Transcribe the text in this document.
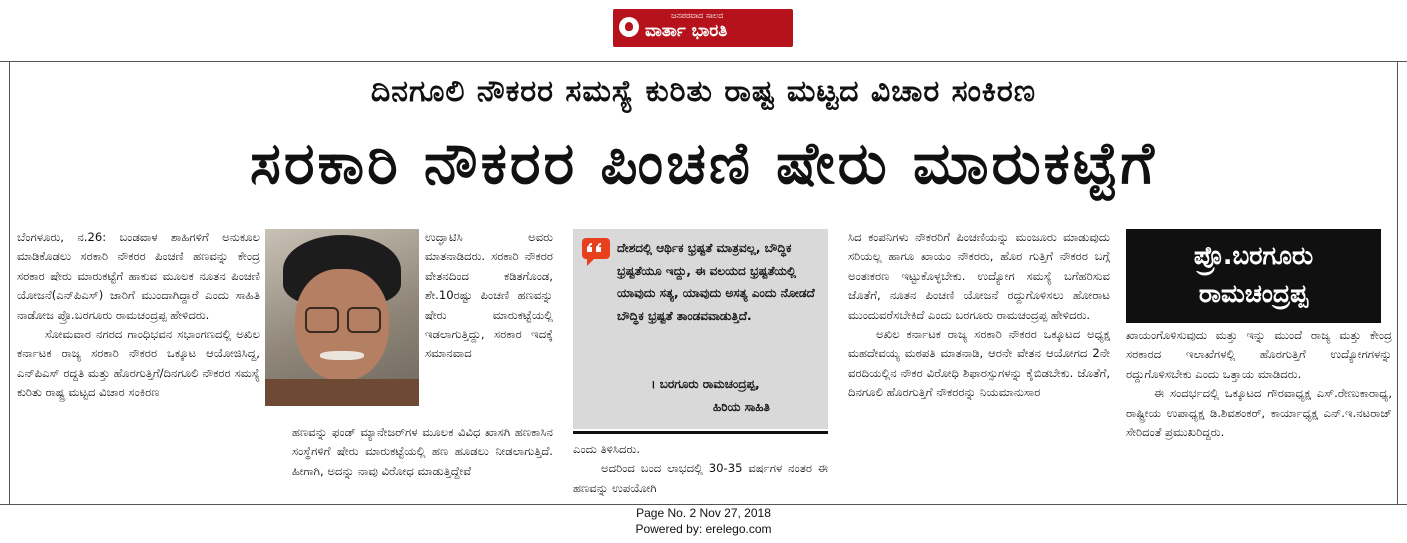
ಜನಪರವಾದ ಸಾಲದ
ವಾರ್ತಾ ಭಾರತಿ
ದಿನಗೂಲಿ ನೌಕರರ ಸಮಸ್ಯೆ ಕುರಿತು ರಾಷ್ಟ ಮಟ್ಟದ ವಿಚಾರ ಸಂಕಿರಣ
ಸರಕಾರಿ ನೌಕರರ ಪಿಂಚಣಿ ಷೇರು ಮಾರುಕಟ್ಟೆಗೆ

ಬೆಂಗಳೂರು, ನ.26: ಬಂಡವಾಳ ಶಾಹಿಗಳಿಗೆ ಅನುಕೂಲ ಮಾಡಿಕೊಡಲು ಸರಕಾರಿ ನೌಕರರ ಪಿಂಚಣಿ ಹಣವನ್ನು ಕೇಂದ್ರ ಸರಕಾರ ಷೇರು ಮಾರುಕಟ್ಟೆಗೆ ಹಾಕುವ ಮೂಲಕ ನೂತನ ಪಿಂಚಣಿ ಯೋಜನೆ(ಎನ್‌ಪಿಎಸ್) ಜಾರಿಗೆ ಮುಂದಾಗಿದ್ದಾರೆ ಎಂದು ಸಾಹಿತಿ ನಾಡೋಜ ಪ್ರೊ.ಬರಗೂರು ರಾಮಚಂದ್ರಪ್ಪ ಹೇಳಿದರು.

ಸೋಮವಾರ ನಗರದ ಗಾಂಧಿಭವನ ಸಭಾಂಗಣದಲ್ಲಿ ಅಖಿಲ ಕರ್ನಾಟಕ ರಾಜ್ಯ ಸರಕಾರಿ ನೌಕರರ ಒಕ್ಕೂಟ ಆಯೋಜಿಸಿದ್ದ, ಎನ್‌ಪಿಎಸ್ ರದ್ದತಿ ಮತ್ತು ಹೊರಗುತ್ತಿಗೆ/ದಿನಗೂಲಿ ನೌಕರರ ಸಮಸ್ಯೆ ಕುರಿತು ರಾಷ್ಟ್ರ ಮಟ್ಟದ ವಿಚಾರ ಸಂಕಿರಣ

ಉದ್ಘಾಟಿಸಿ ಅವರು ಮಾತನಾಡಿದರು. ಸರಕಾರಿ ನೌಕರರ ವೇತನದಿಂದ ಕಡಿತಗೊಂಡ, ಶೇ.10ರಷ್ಟು ಪಿಂಚಣಿ ಹಣವನ್ನು ಷೇರು ಮಾರುಕಟ್ಟೆಯಲ್ಲಿ ಇಡಲಾಗುತ್ತಿದ್ದು, ಸರಕಾರ ಇದಕ್ಕೆ ಸಮಾನವಾದ

ಹಣವನ್ನು ಫಂಡ್ ಮ್ಯಾನೇಜರ್‌ಗಳ ಮೂಲಕ ವಿವಿಧ ಖಾಸಗಿ ಹಣಕಾಸಿನ ಸಂಸ್ಥೆಗಳಿಗೆ ಷೇರು ಮಾರುಕಟ್ಟೆಯಲ್ಲಿ ಹಣ ಹೂಡಲು ನೀಡಲಾಗುತ್ತಿದೆ. ಹೀಗಾಗಿ, ಅದನ್ನು ನಾವು ವಿರೋಧ ಮಾಡುತ್ತಿದ್ದೇವೆ

ದೇಶದಲ್ಲಿ ಆರ್ಥಿಕ ಭ್ರಷ್ಟತೆ ಮಾತ್ರವಲ್ಲ, ಬೌದ್ಧಿಕ ಭ್ರಷ್ಟತೆಯೂ ಇದ್ದು, ಈ ವಲಯದ ಭ್ರಷ್ಟತೆಯಲ್ಲಿ ಯಾವುದು ಸತ್ಯ, ಯಾವುದು ಅಸತ್ಯ ಎಂದು ನೋಡದೆ ಬೌದ್ಧಿಕ ಭ್ರಷ್ಟತೆ ತಾಂಡವವಾಡುತ್ತಿದೆ.
। ಬರಗೂರು ರಾಮಚಂದ್ರಪ್ಪ,
ಹಿರಿಯ ಸಾಹಿತಿ

ಎಂದು ತಿಳಿಸಿದರು.

ಅದರಿಂದ ಬಂದ ಲಾಭದಲ್ಲಿ 30-35 ವರ್ಷಗಳ ನಂತರ ಈ ಹಣವನ್ನು ಉಪಯೋಗಿ

ಸಿದ ಕಂಪನಿಗಳು ನೌಕರರಿಗೆ ಪಿಂಚಣಿಯನ್ನು ಮಂಜೂರು ಮಾಡುವುದು ಸರಿಯಲ್ಲ ಹಾಗೂ ಖಾಯಂ ನೌಕರರು, ಹೊರ ಗುತ್ತಿಗೆ ನೌಕರರ ಬಗ್ಗೆ ಅಂತಃಕರಣ ಇಟ್ಟುಕೊಳ್ಳಬೇಕು. ಉದ್ಯೋಗ ಸಮಸ್ಯೆ ಬಗೆಹರಿಸುವ ಜೊತೆಗೆ, ನೂತನ ಪಿಂಚಣಿ ಯೋಜನೆ ರದ್ದುಗೊಳಿಸಲು ಹೋರಾಟ ಮುಂದುವರೆಸಬೇಕಿದೆ ಎಂದು ಬರಗೂರು ರಾಮಚಂದ್ರಪ್ಪ ಹೇಳಿದರು.

ಅಖಿಲ ಕರ್ನಾಟಕ ರಾಜ್ಯ ಸರಕಾರಿ ನೌಕರರ ಒಕ್ಕೂಟದ ಅಧ್ಯಕ್ಷ ಮಹದೇವಯ್ಯ ಮಠಪತಿ ಮಾತನಾಡಿ, ಆರನೇ ವೇತನ ಆಯೋಗದ 2ನೇ ವರದಿಯಲ್ಲಿನ ನೌಕರ ವಿರೋಧಿ ಶಿಫಾರಸ್ಸುಗಳನ್ನು ಕೈಬಿಡಬೇಕು. ಜೊತೆಗೆ, ದಿನಗೂಲಿ ಹೊರಗುತ್ತಿಗೆ ನೌಕರರನ್ನು ನಿಯಮಾನುಸಾರ

ಪ್ರೊ.ಬರಗೂರು
ರಾಮಚಂದ್ರಪ್ಪ

ಖಾಯಂಗೊಳಿಸುವುದು ಮತ್ತು ಇನ್ನು ಮುಂದೆ ರಾಜ್ಯ ಮತ್ತು ಕೇಂದ್ರ ಸರಕಾರದ ಇಲಾಖೆಗಳಲ್ಲಿ ಹೊರಗುತ್ತಿಗೆ ಉದ್ಯೋಗಗಳನ್ನು ರದ್ದುಗೊಳಿಸಬೇಕು ಎಂದು ಒತ್ತಾಯ ಮಾಡಿದರು.

ಈ ಸಂದರ್ಭದಲ್ಲಿ ಒಕ್ಕೂಟದ ಗೌರವಾಧ್ಯಕ್ಷ ಎಸ್.ರೇಣುಕಾರಾಧ್ಯ, ರಾಷ್ಟ್ರೀಯ ಉಪಾಧ್ಯಕ್ಷ ಡಿ.ಶಿವಶಂಕರ್, ಕಾರ್ಯಾಧ್ಯಕ್ಷ ಎನ್.ಇ.ನಟರಾಜ್ ಸೇರಿದಂತೆ ಪ್ರಮುಖರಿದ್ದರು.

Page No. 2 Nov 27, 2018
Powered by: erelego.com
